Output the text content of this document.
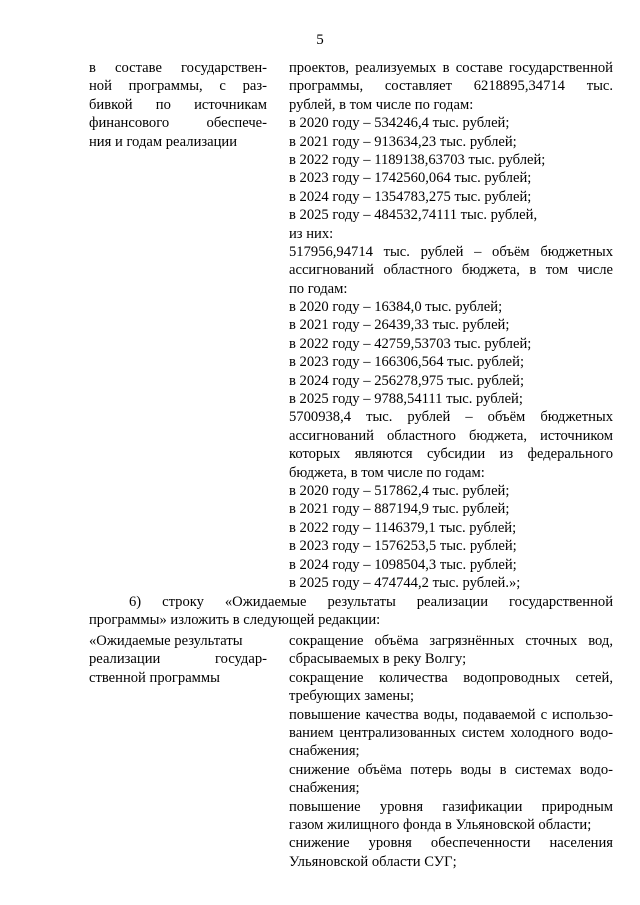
5
в составе государствен-
ной программы, с раз-
бивкой по источникам
финансового обеспече-
ния и годам реализации
проектов, реализуемых в составе государственной
программы, составляет 6218895,34714 тыс.
рублей, в том числе по годам:
в 2020 году – 534246,4 тыс. рублей;
в 2021 году – 913634,23 тыс. рублей;
в 2022 году – 1189138,63703 тыс. рублей;
в 2023 году – 1742560,064 тыс. рублей;
в 2024 году – 1354783,275 тыс. рублей;
в 2025 году – 484532,74111 тыс. рублей,
из них:
517956,94714 тыс. рублей – объём бюджетных
ассигнований областного бюджета, в том числе
по годам:
в 2020 году – 16384,0 тыс. рублей;
в 2021 году – 26439,33 тыс. рублей;
в 2022 году – 42759,53703 тыс. рублей;
в 2023 году – 166306,564 тыс. рублей;
в 2024 году – 256278,975 тыс. рублей;
в 2025 году – 9788,54111 тыс. рублей;
5700938,4 тыс. рублей – объём бюджетных
ассигнований областного бюджета, источником
которых являются субсидии из федерального
бюджета, в том числе по годам:
в 2020 году – 517862,4 тыс. рублей;
в 2021 году – 887194,9 тыс. рублей;
в 2022 году – 1146379,1 тыс. рублей;
в 2023 году – 1576253,5 тыс. рублей;
в 2024 году – 1098504,3 тыс. рублей;
в 2025 году – 474744,2 тыс. рублей.»;
6) строку «Ожидаемые результаты реализации государственной
программы» изложить в следующей редакции:
«Ожидаемые результаты
реализации государ-
ственной программы
сокращение объёма загрязнённых сточных вод,
сбрасываемых в реку Волгу;
сокращение количества водопроводных сетей,
требующих замены;
повышение качества воды, подаваемой с использо-
ванием централизованных систем холодного водо-
снабжения;
снижение объёма потерь воды в системах водо-
снабжения;
повышение уровня газификации природным
газом жилищного фонда в Ульяновской области;
снижение уровня обеспеченности населения
Ульяновской области СУГ;
